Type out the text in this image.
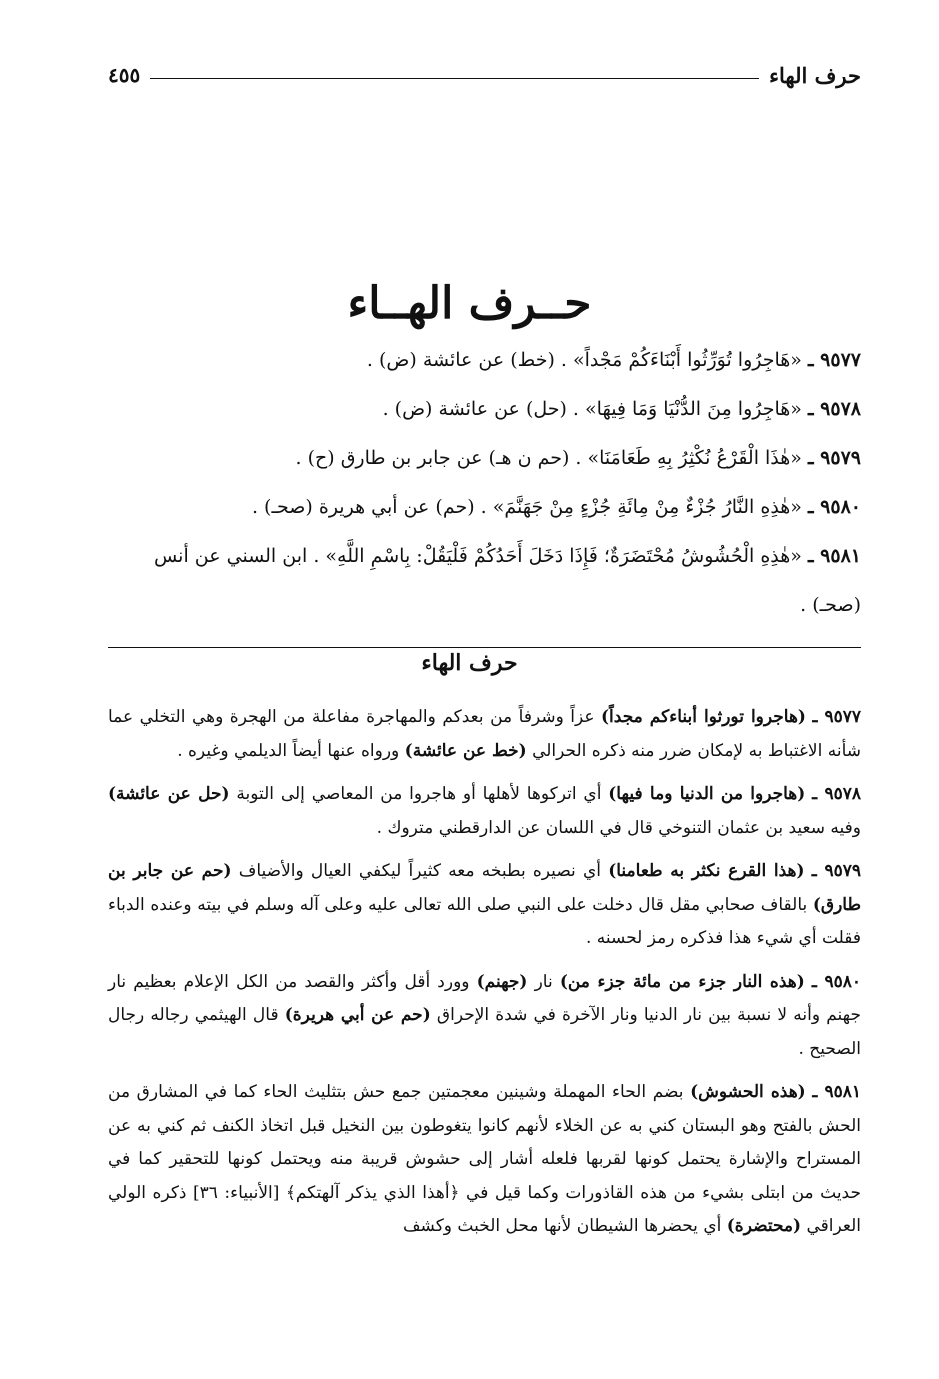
حرف الهاء
٤٥٥
حــرف الهــاء

٩٥٧٧ ـ «هَاجِرُوا تُوَرِّثُوا أَبْنَاءَكُمْ مَجْداً» . (خط) عن عائشة (ض) .

٩٥٧٨ ـ «هَاجِرُوا مِنَ الدُّنْيَا وَمَا فِيهَا» . (حل) عن عائشة (ض) .

٩٥٧٩ ـ «هٰذَا الْقَرْعُ نُكْثِرُ بِهِ طَعَامَنَا» . (حم ن هـ) عن جابر بن طارق (ح) .

٩٥٨٠ ـ «هٰذِهِ النَّارُ جُزْءٌ مِنْ مِائَةِ جُزْءٍ مِنْ جَهَنَّمَ» . (حم) عن أبي هريرة (صحـ) .

٩٥٨١ ـ «هٰذِهِ الْحُشُوشُ مُحْتَضَرَةٌ؛ فَإِذَا دَخَلَ أَحَدُكُمْ فَلْيَقُلْ: بِاسْمِ اللَّهِ» . ابن السني عن أنس (صحـ) .

حرف الهاء

٩٥٧٧ ـ (هاجروا تورثوا أبناءكم مجداً) عزاً وشرفاً من بعدكم والمهاجرة مفاعلة من الهجرة وهي التخلي عما شأنه الاغتباط به لإمكان ضرر منه ذكره الحرالي (خط عن عائشة) ورواه عنها أيضاً الديلمي وغيره .

٩٥٧٨ ـ (هاجروا من الدنيا وما فيها) أي اتركوها لأهلها أو هاجروا من المعاصي إلى التوبة (حل عن عائشة) وفيه سعيد بن عثمان التنوخي قال في اللسان عن الدارقطني متروك .

٩٥٧٩ ـ (هذا القرع نكثر به طعامنا) أي نصيره بطبخه معه كثيراً ليكفي العيال والأضياف (حم عن جابر بن طارق) بالقاف صحابي مقل قال دخلت على النبي صلى الله تعالى عليه وعلى آله وسلم في بيته وعنده الدباء فقلت أي شيء هذا فذكره رمز لحسنه .

٩٥٨٠ ـ (هذه النار جزء من مائة جزء من) نار (جهنم) وورد أقل وأكثر والقصد من الكل الإعلام بعظيم نار جهنم وأنه لا نسبة بين نار الدنيا ونار الآخرة في شدة الإحراق (حم عن أبي هريرة) قال الهيثمي رجاله رجال الصحيح .

٩٥٨١ ـ (هذه الحشوش) بضم الحاء المهملة وشينين معجمتين جمع حش بتثليث الحاء كما في المشارق من الحش بالفتح وهو البستان كني به عن الخلاء لأنهم كانوا يتغوطون بين النخيل قبل اتخاذ الكنف ثم كني به عن المستراح والإشارة يحتمل كونها لقربها فلعله أشار إلى حشوش قريبة منه ويحتمل كونها للتحقير كما في حديث من ابتلى بشيء من هذه القاذورات وكما قيل في ﴿أهذا الذي يذكر آلهتكم﴾ [الأنبياء: ٣٦] ذكره الولي العراقي (محتضرة) أي يحضرها الشيطان لأنها محل الخبث وكشف
